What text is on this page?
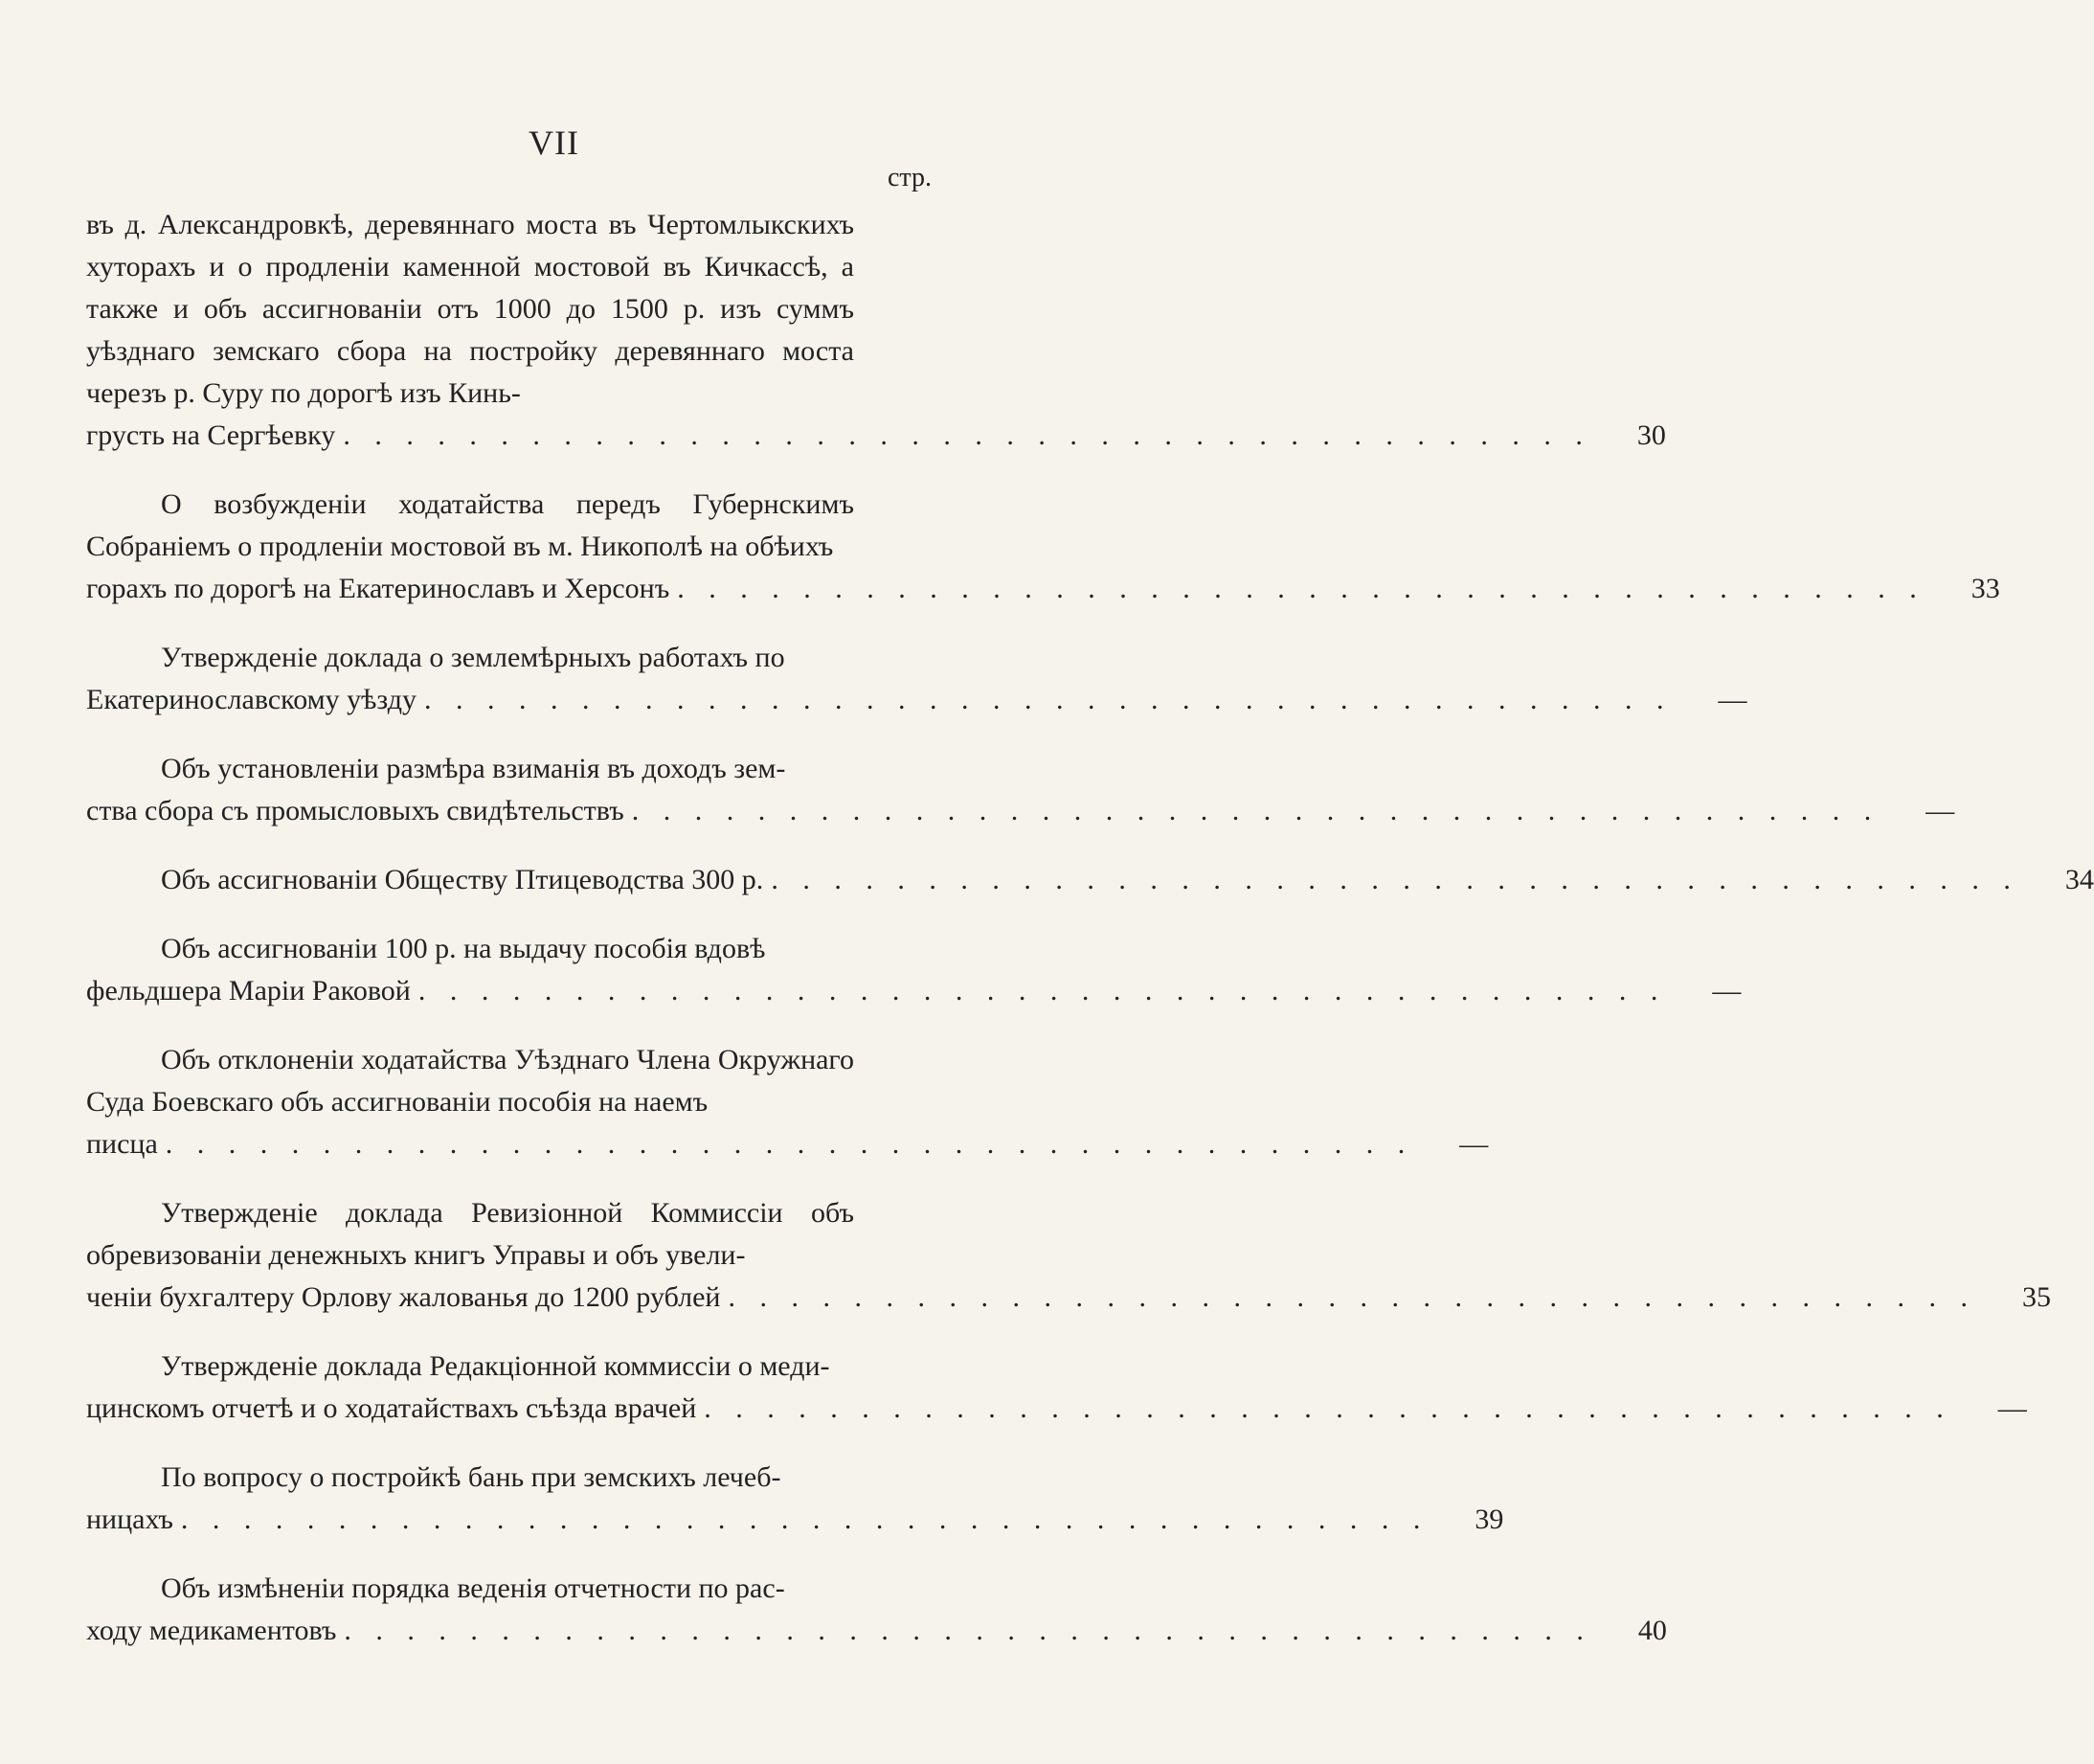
VII
стр.
въ д. Александровкѣ, деревяннаго моста въ Чертомлыкскихъ хуторахъ и о продленіи каменной мостовой въ Кичкассѣ, а также и объ ассигнованіи отъ 1000 до 1500 р. изъ суммъ уѣзднаго земскаго сбора на постройку деревяннаго моста черезъ р. Суру по дорогѣ изъ Кинь-
грусть на Сергѣевку . . . . . . . . . . . . . . . . . . . . . . . . . . . . . . . . . . . . . . . .	30
О возбужденіи ходатайства передъ Губернскимъ Собраніемъ о продленіи мостовой въ м. Никополѣ на обѣихъ
горахъ по дорогѣ на Екатеринославъ и Херсонъ . . . . . . . . . . . . . . . . . . . . . . . . . . . . . . . . . . . . . . . .	33
Утвержденіе доклада о землемѣрныхъ работахъ по
Екатеринославскому уѣзду . . . . . . . . . . . . . . . . . . . . . . . . . . . . . . . . . . . . . . . .	—
Объ установленіи размѣра взиманія въ доходъ зем-
ства сбора съ промысловыхъ свидѣтельствъ . . . . . . . . . . . . . . . . . . . . . . . . . . . . . . . . . . . . . . . .	—
Объ ассигнованіи Обществу Птицеводства 300 р. . . . . . . . . . . . . . . . . . . . . . . . . . . . . . . . . . . . . . . . .	34
Объ ассигнованіи 100 р. на выдачу пособія вдовѣ
фельдшера Маріи Раковой . . . . . . . . . . . . . . . . . . . . . . . . . . . . . . . . . . . . . . . .	—
Объ отклоненіи ходатайства Уѣзднаго Члена Окружнаго Суда Боевскаго объ ассигнованіи пособія на наемъ
писца . . . . . . . . . . . . . . . . . . . . . . . . . . . . . . . . . . . . . . . .	—
Утвержденіе доклада Ревизіонной Коммиссіи объ обревизованіи денежныхъ книгъ Управы и объ увели-
ченіи бухгалтеру Орлову жалованья до 1200 рублей . . . . . . . . . . . . . . . . . . . . . . . . . . . . . . . . . . . . . . . .	35
Утвержденіе доклада Редакціонной коммиссіи о меди-
цинскомъ отчетѣ и о ходатайствахъ съѣзда врачей . . . . . . . . . . . . . . . . . . . . . . . . . . . . . . . . . . . . . . . .	—
По вопросу о постройкѣ бань при земскихъ лечеб-
ницахъ . . . . . . . . . . . . . . . . . . . . . . . . . . . . . . . . . . . . . . . .	39
Объ измѣненіи порядка веденія отчетности по рас-
ходу медикаментовъ . . . . . . . . . . . . . . . . . . . . . . . . . . . . . . . . . . . . . . . .	40
